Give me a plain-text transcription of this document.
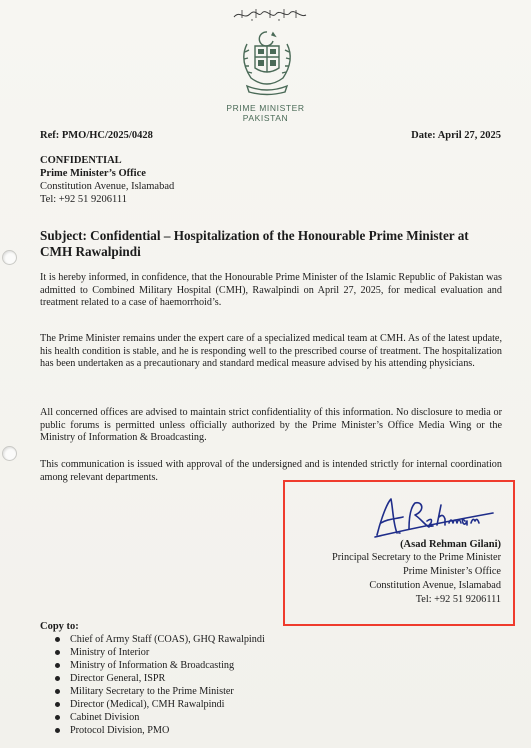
PRIME MINISTER
PAKISTAN
Ref: PMO/HC/2025/0428	Date: April 27, 2025
CONFIDENTIAL
Prime Minister’s Office
Constitution Avenue, Islamabad
Tel: +92 51 9206111
Subject: Confidential – Hospitalization of the Honourable Prime Minister at CMH Rawalpindi
It is hereby informed, in confidence, that the Honourable Prime Minister of the Islamic Republic of Pakistan was admitted to Combined Military Hospital (CMH), Rawalpindi on April 27, 2025, for medical evaluation and treatment related to a case of haemorrhoid’s.
The Prime Minister remains under the expert care of a specialized medical team at CMH. As of the latest update, his health condition is stable, and he is responding well to the prescribed course of treatment. The hospitalization has been undertaken as a precautionary and standard medical measure advised by his attending physicians.
All concerned offices are advised to maintain strict confidentiality of this information. No disclosure to media or public forums is permitted unless officially authorized by the Prime Minister’s Office Media Wing or the Ministry of Information & Broadcasting.
This communication is issued with approval of the undersigned and is intended strictly for internal coordination among relevant departments.
(Asad Rehman Gilani)
Principal Secretary to the Prime Minister
Prime Minister’s Office
Constitution Avenue, Islamabad
Tel: +92 51 9206111
Copy to:
Chief of Army Staff (COAS), GHQ Rawalpindi
Ministry of Interior
Ministry of Information & Broadcasting
Director General, ISPR
Military Secretary to the Prime Minister
Director (Medical), CMH Rawalpindi
Cabinet Division
Protocol Division, PMO
